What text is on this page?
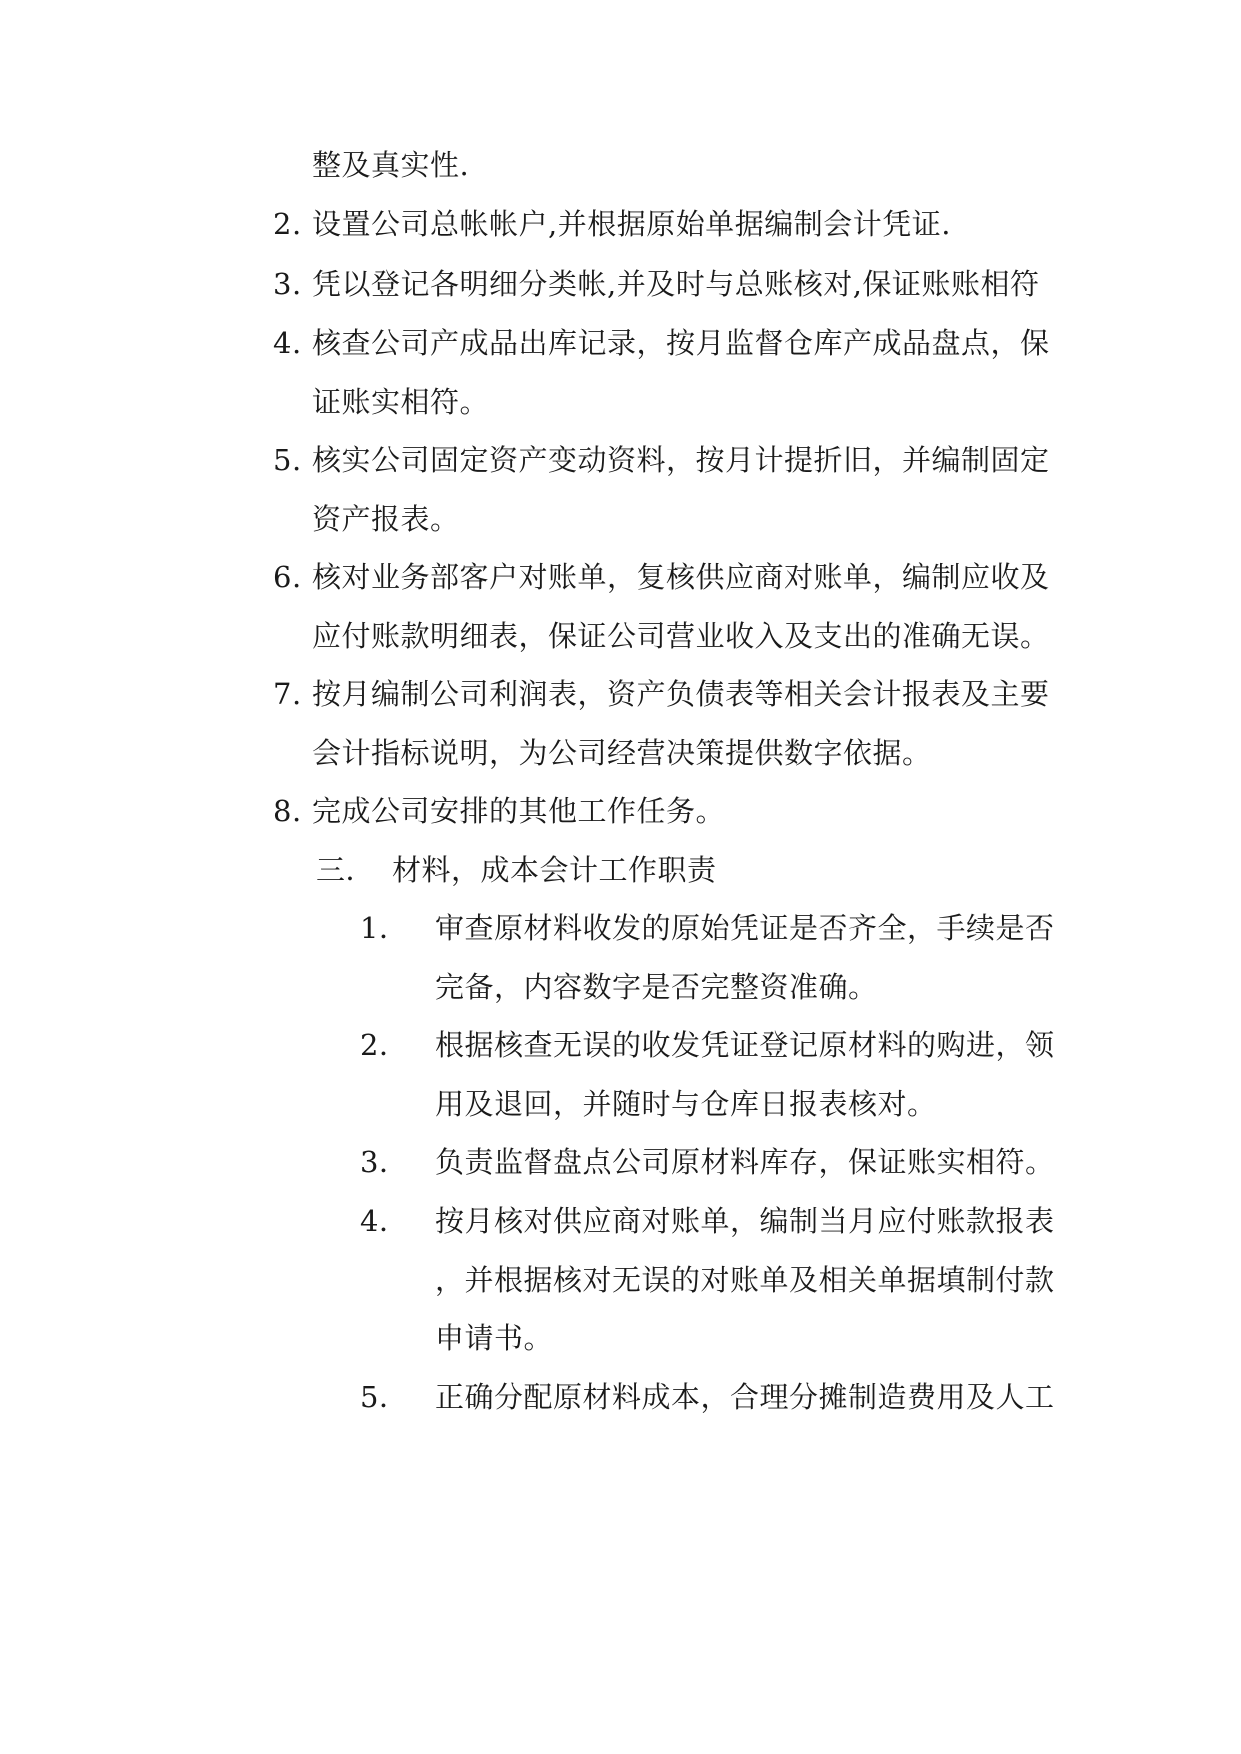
整及真实性.

2. 设置公司总帐帐户,并根据原始单据编制会计凭证.

3. 凭以登记各明细分类帐,并及时与总账核对,保证账账相符

4. 核查公司产成品出库记录，按月监督仓库产成品盘点，保

证账实相符。

5. 核实公司固定资产变动资料，按月计提折旧，并编制固定

资产报表。

6. 核对业务部客户对账单，复核供应商对账单，编制应收及

应付账款明细表，保证公司营业收入及支出的准确无误。

7. 按月编制公司利润表，资产负债表等相关会计报表及主要

会计指标说明，为公司经营决策提供数字依据。

8. 完成公司安排的其他工作任务。

三． 材料，成本会计工作职责

1． 审查原材料收发的原始凭证是否齐全，手续是否

完备，内容数字是否完整资准确。

2． 根据核查无误的收发凭证登记原材料的购进，领

用及退回，并随时与仓库日报表核对。

3． 负责监督盘点公司原材料库存，保证账实相符。

4． 按月核对供应商对账单，编制当月应付账款报表

，并根据核对无误的对账单及相关单据填制付款

申请书。

5． 正确分配原材料成本，合理分摊制造费用及人工
